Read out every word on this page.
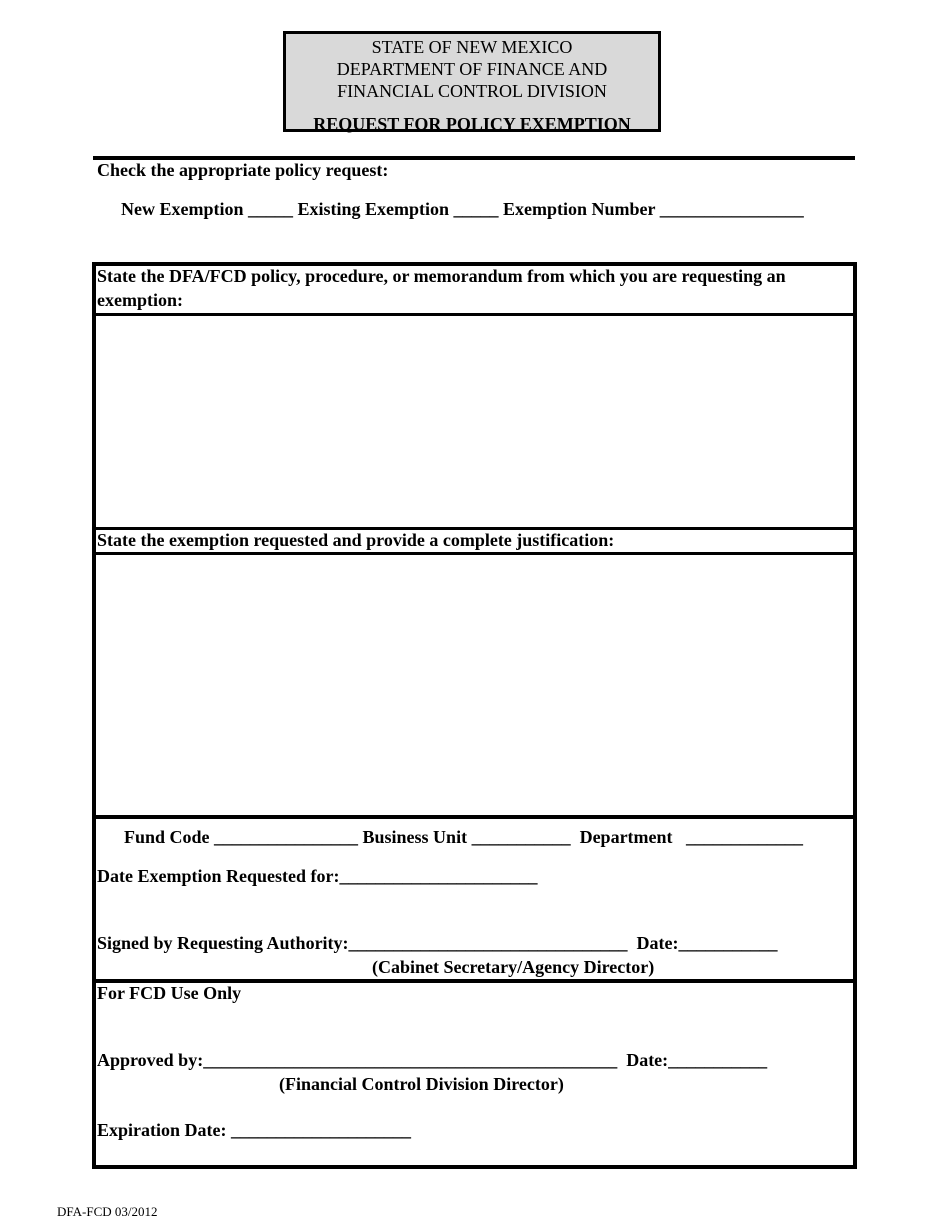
STATE OF NEW MEXICO
DEPARTMENT OF FINANCE AND
FINANCIAL CONTROL DIVISION
REQUEST FOR POLICY EXEMPTION
Check the appropriate policy request:
New Exemption _____ Existing Exemption _____ Exemption Number ________________
State the DFA/FCD policy, procedure, or memorandum from which you are requesting an exemption:
State the exemption requested and provide a complete justification:
Fund Code ________________ Business Unit ___________  Department   _____________
Date Exemption Requested for:______________________
Signed by Requesting Authority:_______________________________  Date:___________
(Cabinet Secretary/Agency Director)
For FCD Use Only
Approved by:______________________________________________  Date:___________
(Financial Control Division Director)
Expiration Date: ____________________
DFA-FCD 03/2012
